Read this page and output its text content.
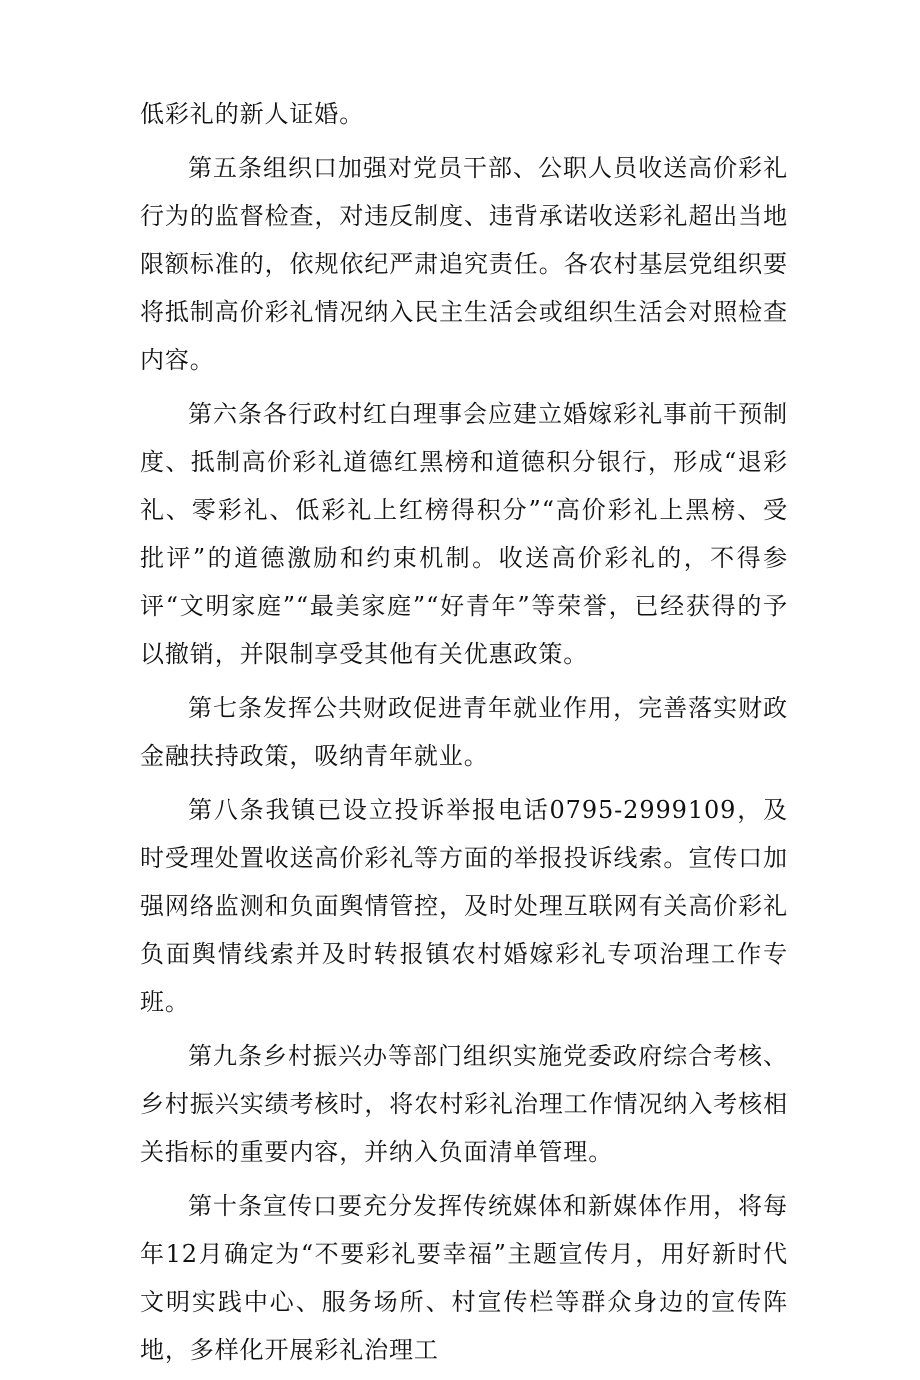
低彩礼的新人证婚。

第五条组织口加强对党员干部、公职人员收送高价彩礼行为的监督检查，对违反制度、违背承诺收送彩礼超出当地限额标准的，依规依纪严肃追究责任。各农村基层党组织要将抵制高价彩礼情况纳入民主生活会或组织生活会对照检查内容。

第六条各行政村红白理事会应建立婚嫁彩礼事前干预制度、抵制高价彩礼道德红黑榜和道德积分银行，形成“退彩礼、零彩礼、低彩礼上红榜得积分”“高价彩礼上黑榜、受批评”的道德激励和约束机制。收送高价彩礼的，不得参评“文明家庭”“最美家庭”“好青年”等荣誉，已经获得的予以撤销，并限制享受其他有关优惠政策。

第七条发挥公共财政促进青年就业作用，完善落实财政金融扶持政策，吸纳青年就业。

第八条我镇已设立投诉举报电话0795-2999109，及时受理处置收送高价彩礼等方面的举报投诉线索。宣传口加强网络监测和负面舆情管控，及时处理互联网有关高价彩礼负面舆情线索并及时转报镇农村婚嫁彩礼专项治理工作专班。

第九条乡村振兴办等部门组织实施党委政府综合考核、乡村振兴实绩考核时，将农村彩礼治理工作情况纳入考核相关指标的重要内容，并纳入负面清单管理。

第十条宣传口要充分发挥传统媒体和新媒体作用，将每年12月确定为“不要彩礼要幸福”主题宣传月，用好新时代文明实践中心、服务场所、村宣传栏等群众身边的宣传阵地，多样化开展彩礼治理工
